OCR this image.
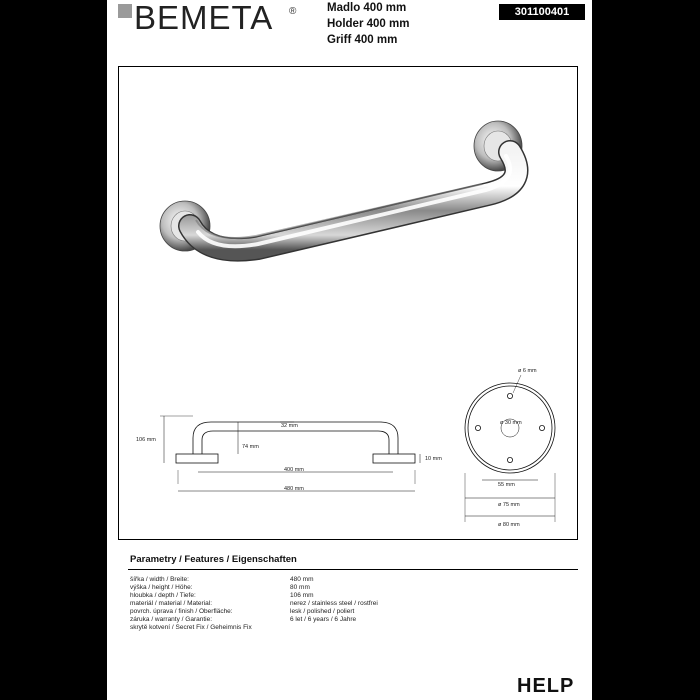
BEMETA ®	Madlo 400 mm
Holder 400 mm
Griff 400 mm
301100401
106 mm
32 mm
74 mm
10 mm
400 mm
480 mm
ø 6 mm
ø 30 mm
55 mm
ø 75 mm
ø 80 mm
Parametry / Features / Eigenschaften
šířka / width / Breite:	480 mm
výška / height / Höhe:	80 mm
hloubka / depth / Tiefe:	106 mm
materiál / material / Material:	nerez / stainless steel / rostfrei
povrch. úprava / finish / Oberfläche:	lesk / polished / poliert
záruka / warranty / Garantie:	6 let / 6 years / 6 Jahre
skrytě kotvení / Secret Fix / Geheimnis Fix
HELP
